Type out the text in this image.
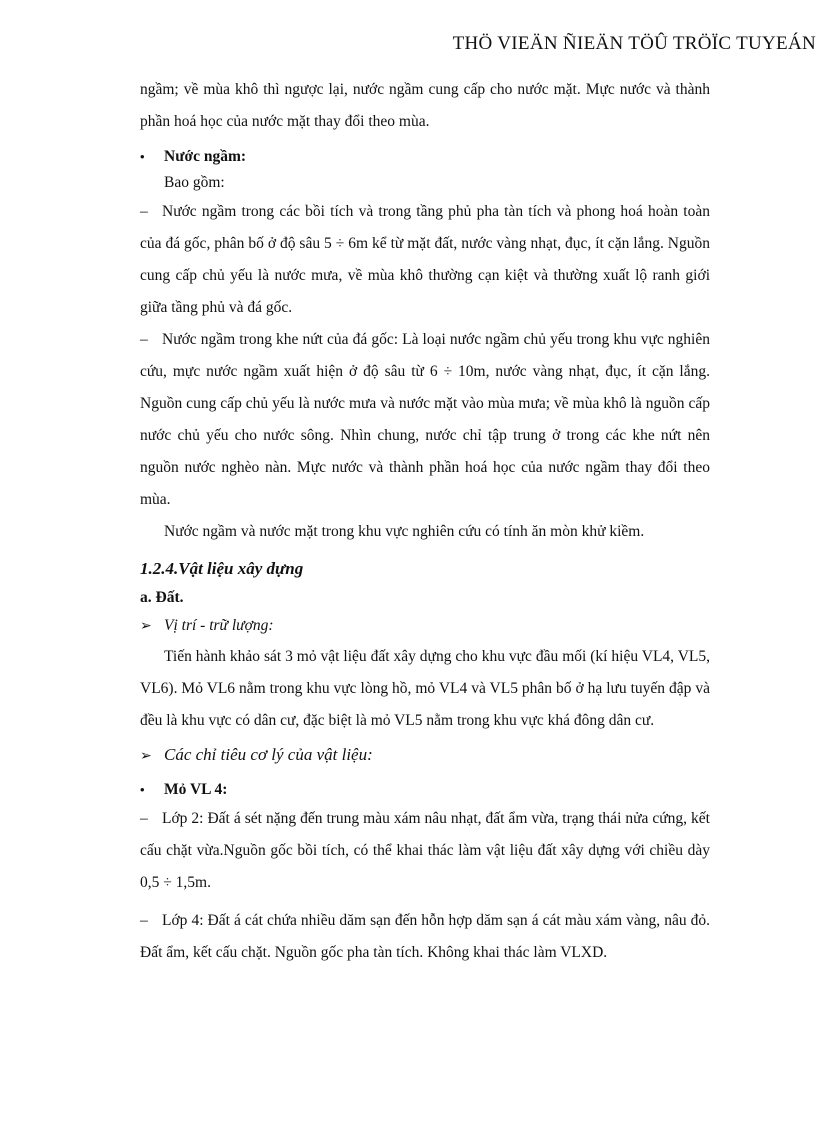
THÖ VIEÄN ÑIEÄN TÖÛ TRÖÏC TUYEÁN

ngầm; về mùa khô thì ngược lại, nước ngầm cung cấp cho nước mặt. Mực nước và thành phần hoá học của nước mặt thay đổi theo mùa.

•	Nước ngầm:

Bao gồm:

– Nước ngầm trong các bồi tích và trong tầng phủ pha tàn tích và phong hoá hoàn toàn của đá gốc, phân bố ở độ sâu 5 ÷ 6m kể từ mặt đất, nước vàng nhạt, đục, ít cặn lắng. Nguồn cung cấp chủ yếu là nước mưa, về mùa khô thường cạn kiệt và thường xuất lộ ranh giới giữa tầng phủ và đá gốc.

– Nước ngầm trong khe nứt của đá gốc: Là loại nước ngầm chủ yếu trong khu vực nghiên cứu, mực nước ngầm xuất hiện ở độ sâu từ 6 ÷ 10m, nước vàng nhạt, đục, ít cặn lắng. Nguồn cung cấp chủ yếu là nước mưa và nước mặt vào mùa mưa; về mùa khô là nguồn cấp nước chủ yếu cho nước sông. Nhìn chung, nước chỉ tập trung ở trong các khe nứt nên nguồn nước nghèo nàn. Mực nước và thành phần hoá học của nước ngầm thay đổi theo mùa.

Nước ngầm và nước mặt trong khu vực nghiên cứu có tính ăn mòn khử kiềm.

1.2.4.Vật liệu xây dựng
a. Đất.
➢ Vị trí - trữ lượng:

Tiến hành khảo sát 3 mỏ vật liệu đất xây dựng cho khu vực đầu mối (kí hiệu VL4, VL5, VL6). Mỏ VL6 nằm trong khu vực lòng hồ, mỏ VL4 và VL5 phân bố ở hạ lưu tuyến đập và đều là khu vực có dân cư, đặc biệt là mỏ VL5 nằm trong khu vực khá đông dân cư.

➢ Các chỉ tiêu cơ lý của vật liệu:
•	Mỏ VL 4:

– Lớp 2: Đất á sét nặng đến trung màu xám nâu nhạt, đất ẩm vừa, trạng thái nửa cứng, kết cấu chặt vừa.Nguồn gốc bồi tích, có thể khai thác làm vật liệu đất xây dựng với chiều dày 0,5 ÷ 1,5m.

– Lớp 4: Đất á cát chứa nhiều dăm sạn đến hỗn hợp dăm sạn á cát màu xám vàng, nâu đỏ. Đất ẩm, kết cấu chặt. Nguồn gốc pha tàn tích. Không khai thác làm VLXD.
